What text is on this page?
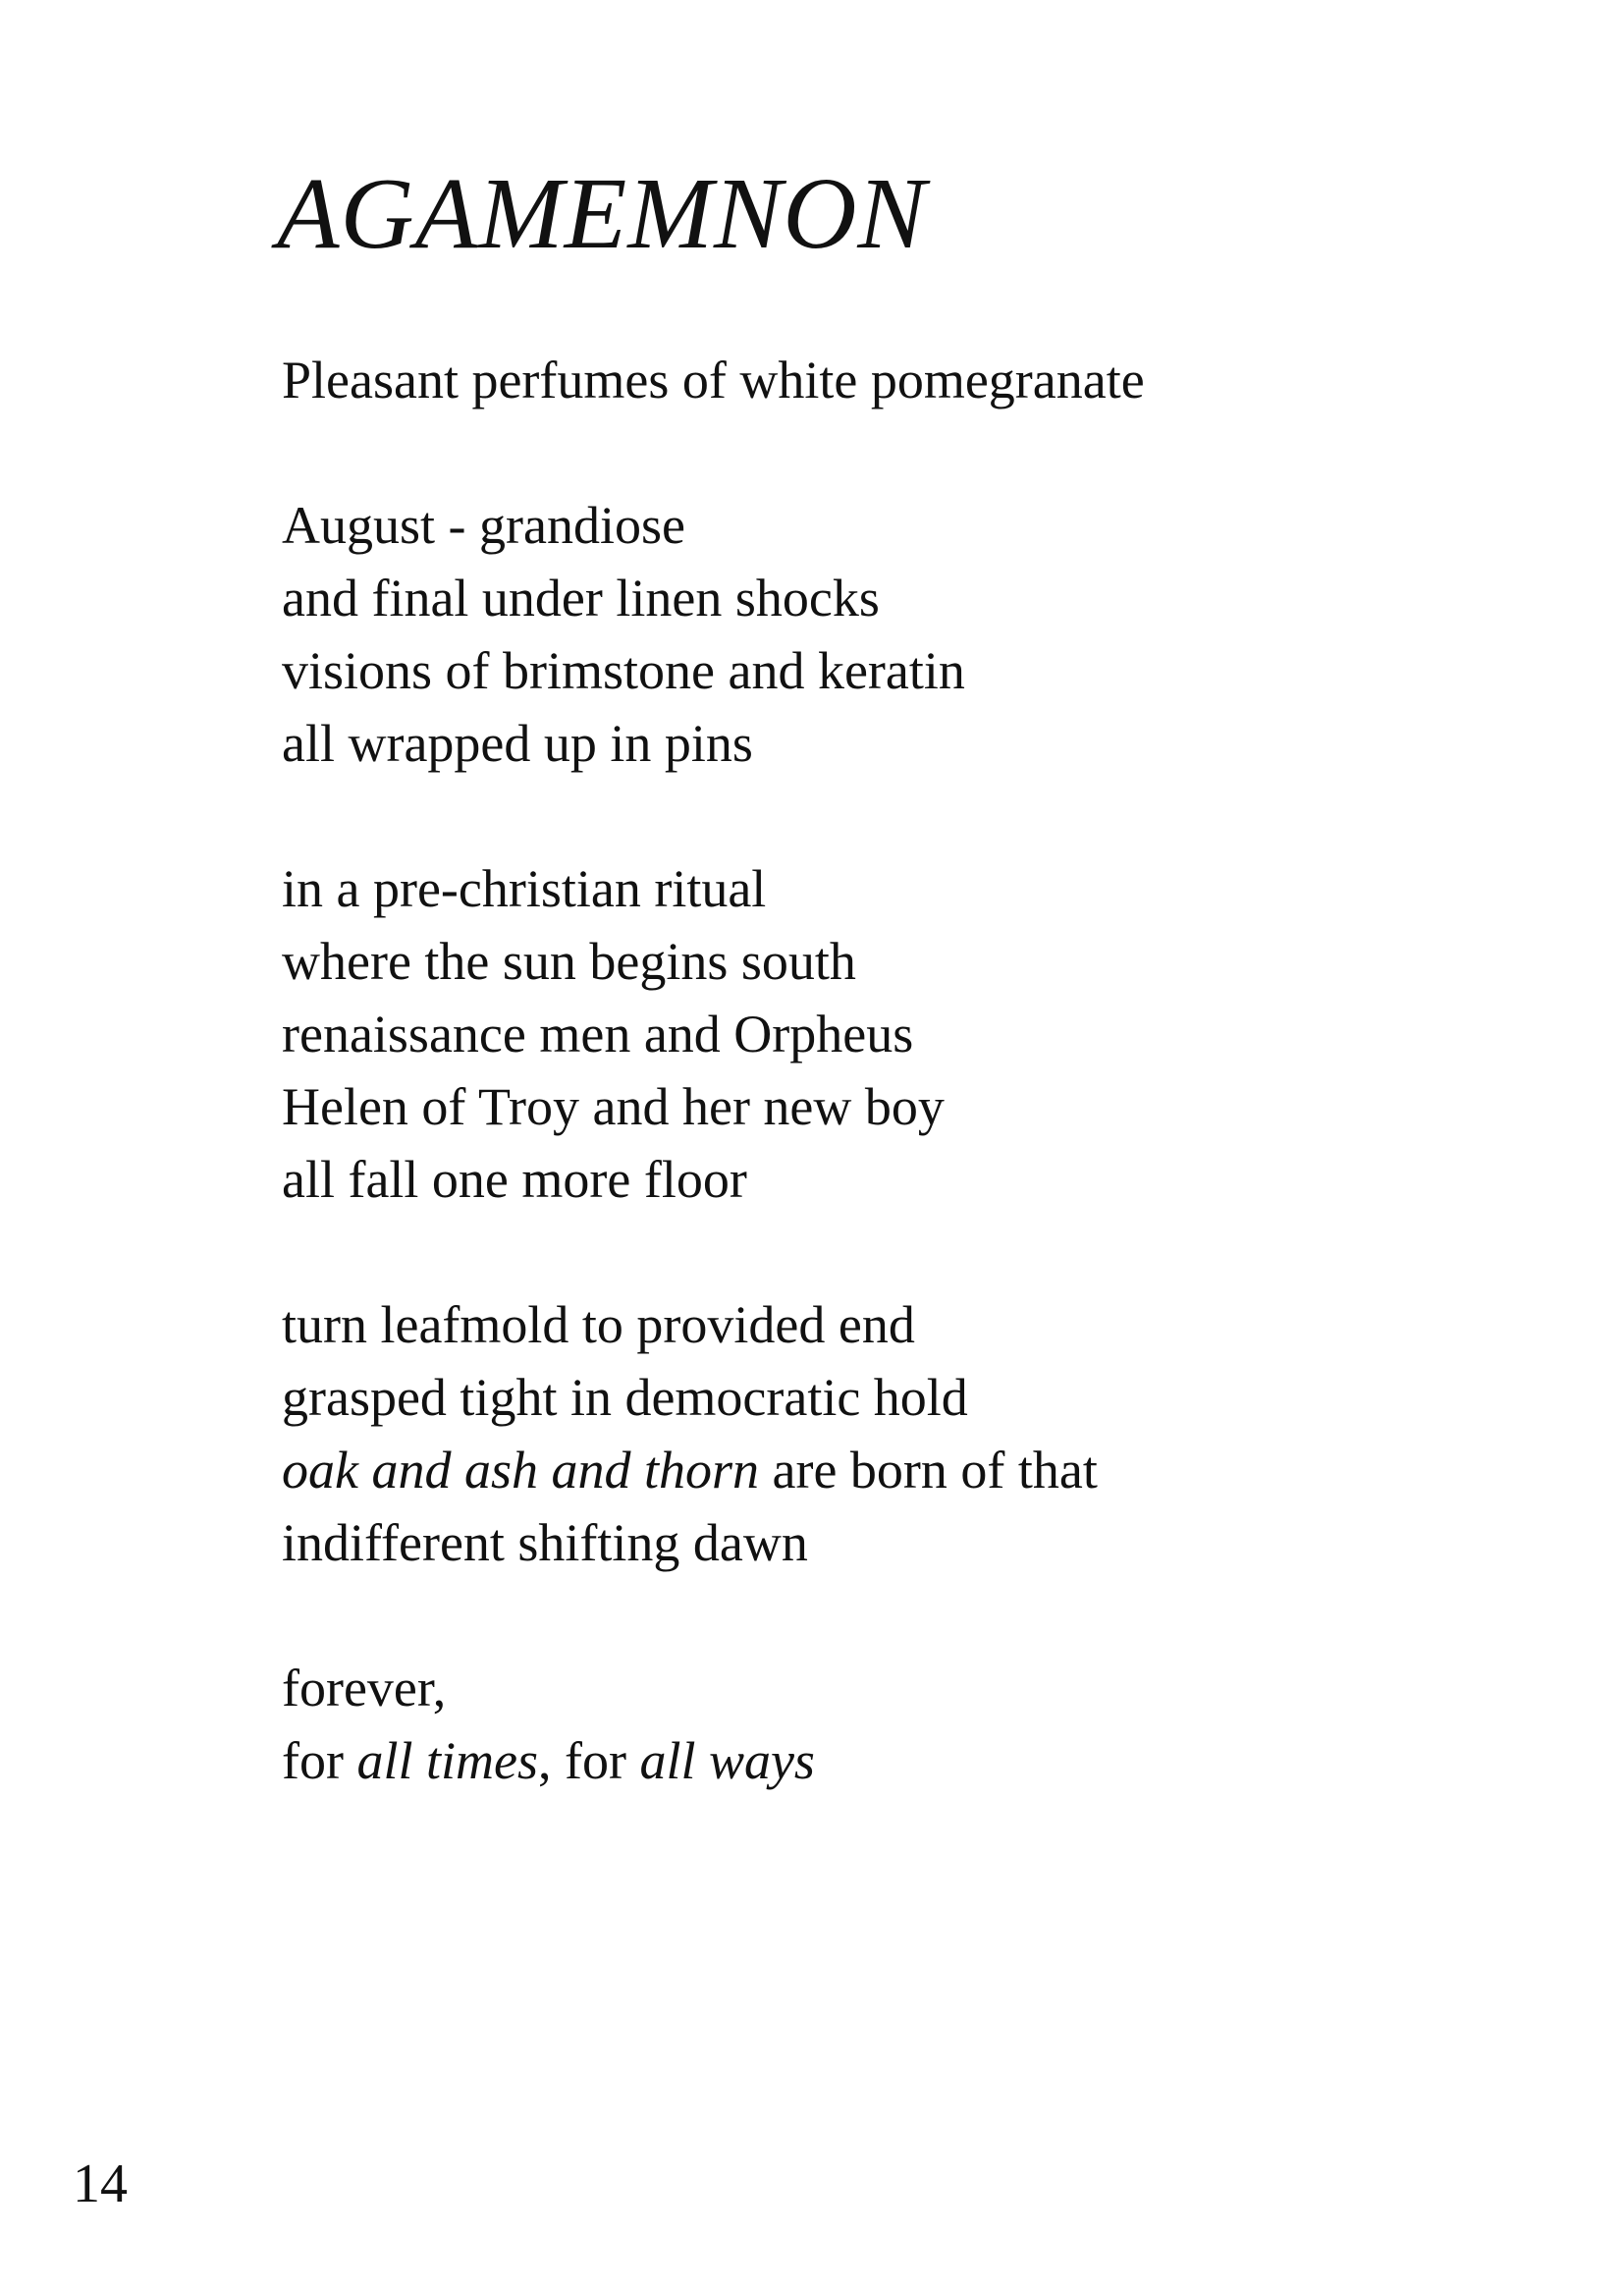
AGAMEMNON
Pleasant perfumes of white pomegranate
August - grandiose
and final under linen shocks
visions of brimstone and keratin
all wrapped up in pins
in a pre-christian ritual
where the sun begins south
renaissance men and Orpheus
Helen of Troy and her new boy
all fall one more floor
turn leafmold to provided end
grasped tight in democratic hold
oak and ash and thorn are born of that
indifferent shifting dawn
forever,
for all times, for all ways
14
